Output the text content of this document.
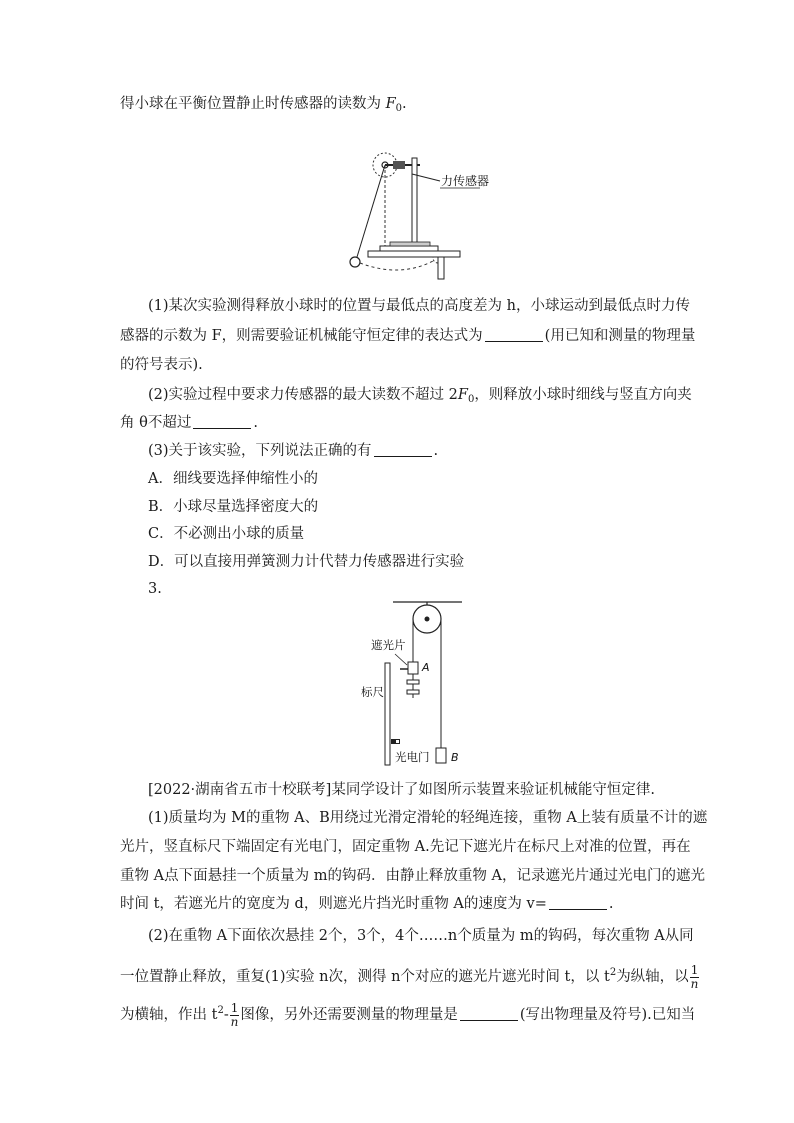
得小球在平衡位置静止时传感器的读数为 $F_0$.
力传感器
(1)某次实验测得释放小球时的位置与最低点的高度差为 h，小球运动到最低点时力传
感器的示数为 F，则需要验证机械能守恒定律的表达式为	(用已知和测量的物理量
的符号表示).
(2)实验过程中要求力传感器的最大读数不超过 $2F_0$，则释放小球时细线与竖直方向夹
角 θ不超过	.
(3)关于该实验，下列说法正确的有	.
A．细线要选择伸缩性小的
B．小球尽量选择密度大的
C．不必测出小球的质量
D．可以直接用弹簧测力计代替力传感器进行实验
3.
遮光片
A
标尺
光电门 B
[2022·湖南省五市十校联考]某同学设计了如图所示装置来验证机械能守恒定律.
(1)质量均为 M的重物 A、B用绕过光滑定滑轮的轻绳连接，重物 A上装有质量不计的遮
光片，竖直标尺下端固定有光电门，固定重物 A.先记下遮光片在标尺上对准的位置，再在
重物 A点下面悬挂一个质量为 m的钩码．由静止释放重物 A，记录遮光片通过光电门的遮光
时间 t，若遮光片的宽度为 d，则遮光片挡光时重物 A的速度为 v=	.
(2)在重物 A下面依次悬挂 2个，3个，4个……n个质量为 m的钩码，每次重物 A从同
一位置静止释放，重复(1)实验 n次，测得 n个对应的遮光片遮光时间 t，以 $t^2$为纵轴，以 $\frac{1}{n}$
为横轴，作出 $t^2- \frac{1}{n}$ 图像，另外还需要测量的物理量是	(写出物理量及符号).已知当
